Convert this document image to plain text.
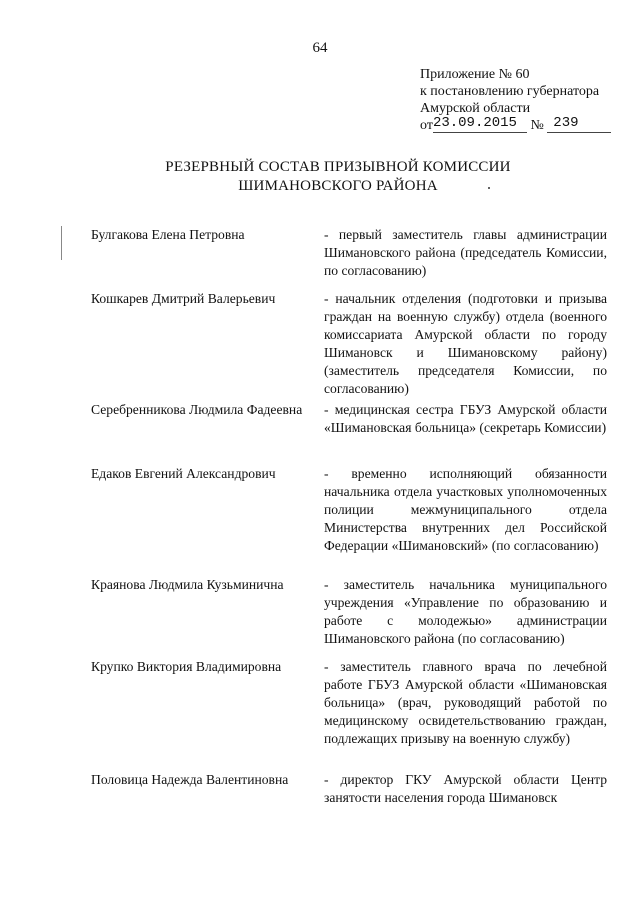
64
Приложение № 60
к постановлению губернатора
Амурской области
от23.09.2015 № 239
РЕЗЕРВНЫЙ СОСТАВ ПРИЗЫВНОЙ КОМИССИИ
ШИМАНОВСКОГО РАЙОНА
Булгакова Елена Петровна	- первый заместитель главы администрации Шимановского района (председатель Комиссии, по согласованию)
Кошкарев Дмитрий Валерьевич	- начальник отделения (подготовки и призыва граждан на военную службу) отдела (военного комиссариата Амурской области по городу Шимановск и Шимановскому району) (заместитель председателя Комиссии, по согласованию)
Серебренникова Людмила Фадеевна	- медицинская сестра ГБУЗ Амурской области «Шимановская больница» (секретарь Комиссии)
Едаков Евгений Александрович	- временно исполняющий обязанности начальника отдела участковых уполномоченных полиции межмуниципального отдела Министерства внутренних дел Российской Федерации «Шимановский» (по согласованию)
Краянова Людмила Кузьминична	- заместитель начальника муниципального учреждения «Управление по образованию и работе с молодежью» администрации Шимановского района (по согласованию)
Крупко Виктория Владимировна	- заместитель главного врача по лечебной работе ГБУЗ Амурской области «Шимановская больница» (врач, руководящий работой по медицинскому освидетельствованию граждан, подлежащих призыву на военную службу)
Половица Надежда Валентиновна	- директор ГКУ Амурской области Центр занятости населения города Шимановск
